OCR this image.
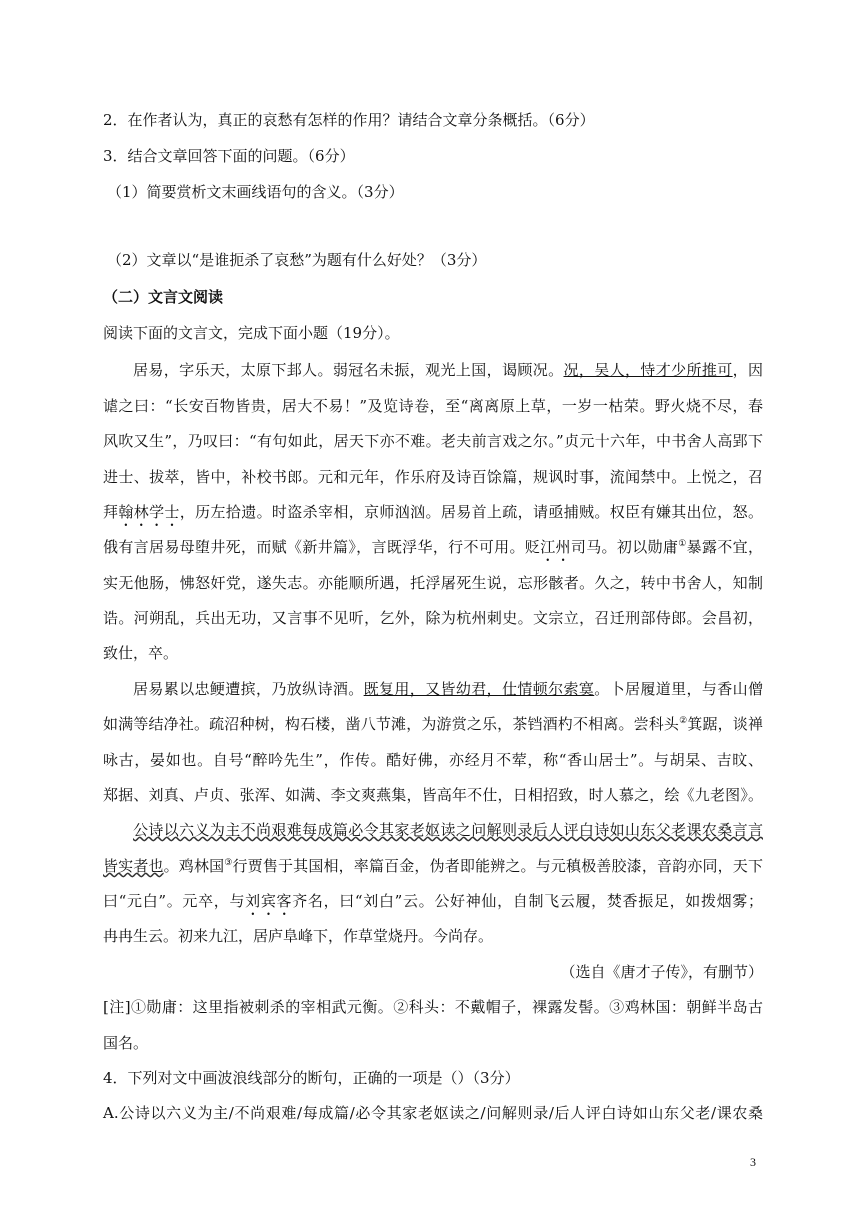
2．在作者认为，真正的哀愁有怎样的作用？请结合文章分条概括。（6分）
3．结合文章回答下面的问题。（6分）
（1）简要赏析文末画线语句的含义。（3分）
（2）文章以“是谁扼杀了哀愁”为题有什么好处？（3分）
（二）文言文阅读
阅读下面的文言文，完成下面小题（19分）。
居易，字乐天，太原下邽人。弱冠名未振，观光上国，谒顾况。况，吴人，恃才少所推可，因
谑之曰：“长安百物皆贵，居大不易！”及览诗卷，至“离离原上草，一岁一枯荣。野火烧不尽，春
风吹又生”，乃叹曰：“有句如此，居天下亦不难。老夫前言戏之尔。”贞元十六年，中书舍人高郢下
进士、拔萃，皆中，补校书郎。元和元年，作乐府及诗百馀篇，规讽时事，流闻禁中。上悦之，召
拜翰林学士，历左拾遗。时盗杀宰相，京师汹汹。居易首上疏，请亟捕贼。权臣有嫌其出位，怒。
俄有言居易母堕井死，而赋《新井篇》，言既浮华，行不可用。贬江州司马。初以勋庸①暴露不宜，
实无他肠，怫怒奸党，遂失志。亦能顺所遇，托浮屠死生说，忘形骸者。久之，转中书舍人，知制
诰。河朔乱，兵出无功，又言事不见听，乞外，除为杭州刺史。文宗立，召迁刑部侍郎。会昌初，
致仕，卒。
居易累以忠鲠遭摈，乃放纵诗酒。既复用，又皆幼君，仕情顿尔索寞。卜居履道里，与香山僧
如满等结净社。疏沼种树，构石楼，凿八节滩，为游赏之乐，茶铛酒杓不相离。尝科头②箕踞，谈禅
咏古，晏如也。自号“醉吟先生”，作传。酷好佛，亦经月不荤，称“香山居士”。与胡杲、吉旼、
郑据、刘真、卢贞、张浑、如满、李文爽燕集，皆高年不仕，日相招致，时人慕之，绘《九老图》。
公诗以六义为主不尚艰难每成篇必令其家老妪读之问解则录后人评白诗如山东父老课农桑言言
皆实者也。鸡林国③行贾售于其国相，率篇百金，伪者即能辨之。与元稹极善胶漆，音韵亦同，天下
曰“元白”。元卒，与刘宾客齐名，曰“刘白”云。公好神仙，自制飞云履，焚香振足，如拨烟雾；
冉冉生云。初来九江，居庐阜峰下，作草堂烧丹。今尚存。
（选自《唐才子传》，有删节）
[注]①勋庸：这里指被刺杀的宰相武元衡。②科头：不戴帽子，裸露发髻。③鸡林国：朝鲜半岛古
国名。
4．下列对文中画波浪线部分的断句，正确的一项是（）（3分）
A.公诗以六义为主/不尚艰难/每成篇/必令其家老妪读之/问解则录/后人评白诗如山东父老/课农桑
3
